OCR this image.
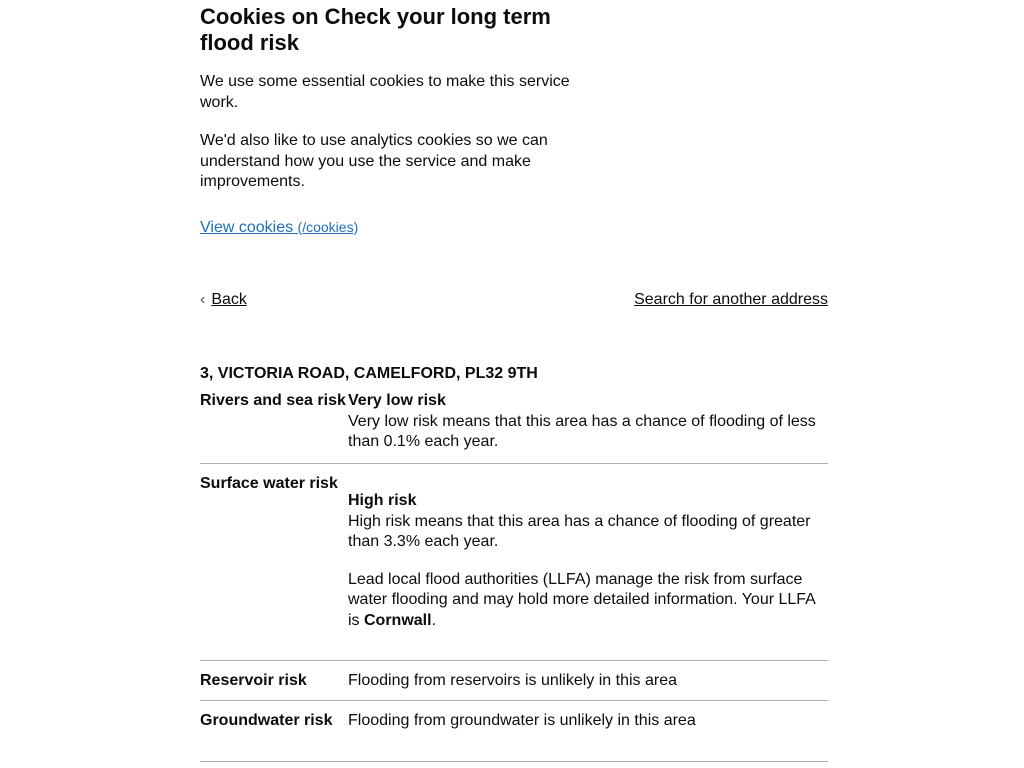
Cookies on Check your long term flood risk

We use some essential cookies to make this service work.

We'd also like to use analytics cookies so we can understand how you use the service and make improvements.

View cookies (/cookies)
‹ Back	Search for another address
3, VICTORIA ROAD, CAMELFORD, PL32 9TH
Rivers and sea risk Very low risk
Very low risk means that this area has a chance of flooding of less than 0.1% each year.
Surface water risk
High risk
High risk means that this area has a chance of flooding of greater than 3.3% each year.
Lead local flood authorities (LLFA) manage the risk from surface water flooding and may hold more detailed information. Your LLFA is Cornwall.
Reservoir risk	Flooding from reservoirs is unlikely in this area
Groundwater risk Flooding from groundwater is unlikely in this area
